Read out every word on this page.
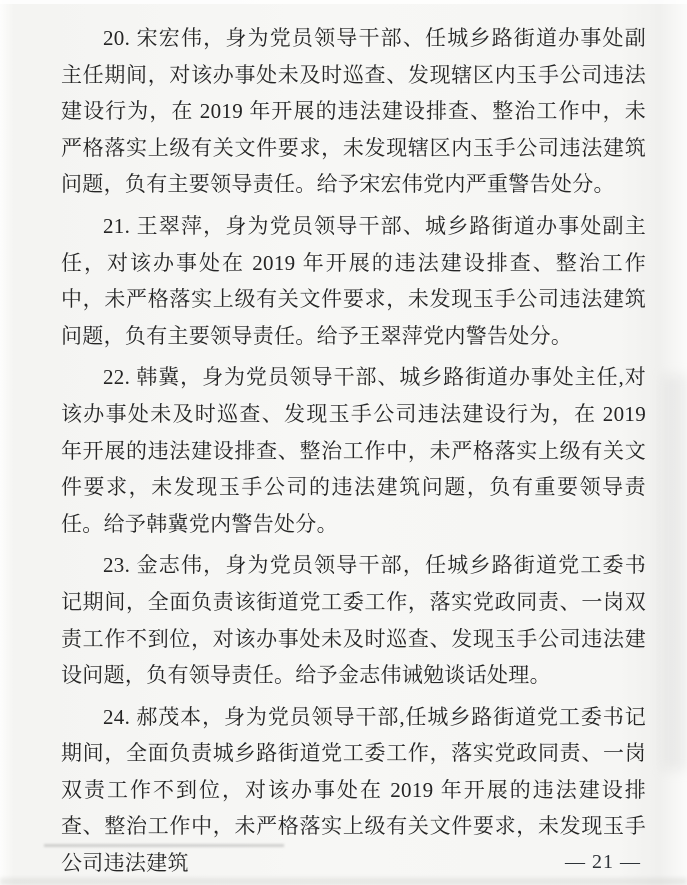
20. 宋宏伟，身为党员领导干部、任城乡路街道办事处副主任期间，对该办事处未及时巡查、发现辖区内玉手公司违法建设行为，在 2019 年开展的违法建设排查、整治工作中，未严格落实上级有关文件要求，未发现辖区内玉手公司违法建筑问题，负有主要领导责任。给予宋宏伟党内严重警告处分。

21. 王翠萍，身为党员领导干部、城乡路街道办事处副主任，对该办事处在 2019 年开展的违法建设排查、整治工作中，未严格落实上级有关文件要求，未发现玉手公司违法建筑问题，负有主要领导责任。给予王翠萍党内警告处分。

22. 韩冀，身为党员领导干部、城乡路街道办事处主任,对该办事处未及时巡查、发现玉手公司违法建设行为，在 2019 年开展的违法建设排查、整治工作中，未严格落实上级有关文件要求，未发现玉手公司的违法建筑问题，负有重要领导责任。给予韩冀党内警告处分。

23. 金志伟，身为党员领导干部，任城乡路街道党工委书记期间，全面负责该街道党工委工作，落实党政同责、一岗双责工作不到位，对该办事处未及时巡查、发现玉手公司违法建设问题，负有领导责任。给予金志伟诫勉谈话处理。

24. 郝茂本，身为党员领导干部,任城乡路街道党工委书记期间，全面负责城乡路街道党工委工作，落实党政同责、一岗双责工作不到位，对该办事处在 2019 年开展的违法建设排查、整治工作中，未严格落实上级有关文件要求，未发现玉手公司违法建筑	— 21 —
